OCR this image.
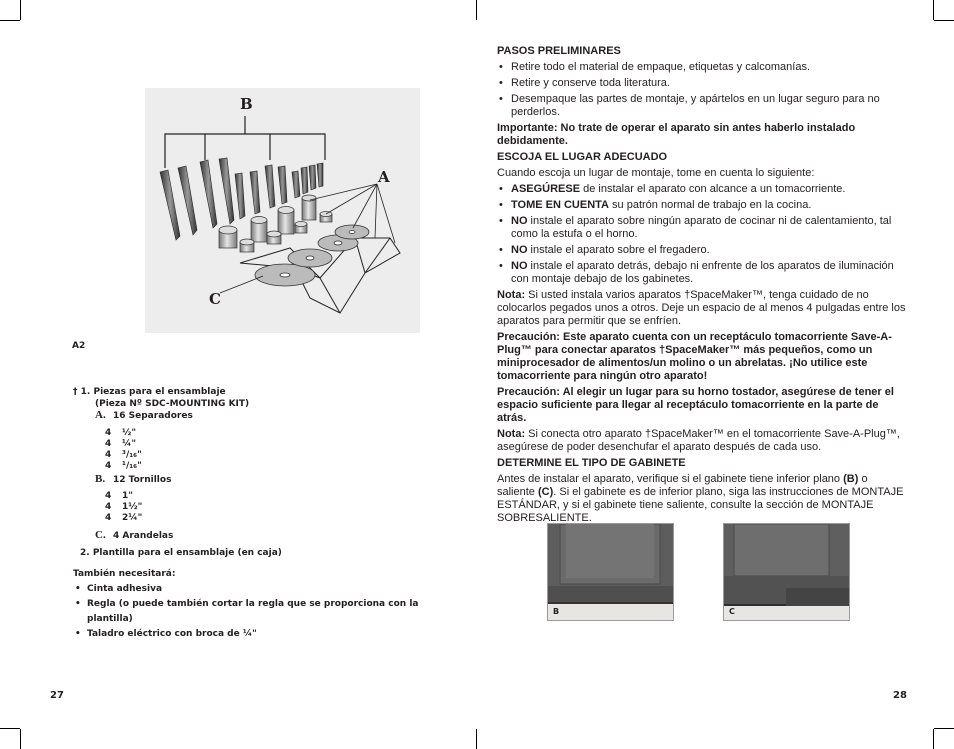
B
A
C
A2
† 1. Piezas para el ensamblaje
(Pieza Nº SDC-MOUNTING KIT)
A. 16 Separadores
4
4
4
4
½"
¼"
³/₁₆"
¹/₁₆"
B. 12 Tornillos
4
4
4
1"
1½"
2¼"
C. 4 Arandelas
2. Plantilla para el ensamblaje (en caja)
También necesitará:
• Cinta adhesiva
• Regla (o puede también cortar la regla que se proporciona con la plantilla)
• Taladro eléctrico con broca de ¼"
27
PASOS PRELIMINARES
• Retire todo el material de empaque, etiquetas y calcomanías.
• Retire y conserve toda literatura.
• Desempaque las partes de montaje, y apártelos en un lugar seguro para no perderlos.
Importante: No trate de operar el aparato sin antes haberlo instalado debidamente.
ESCOJA EL LUGAR ADECUADO
Cuando escoja un lugar de montaje, tome en cuenta lo siguiente:
• ASEGÚRESE de instalar el aparato con alcance a un tomacorriente.
• TOME EN CUENTA su patrón normal de trabajo en la cocina.
• NO instale el aparato sobre ningún aparato de cocinar ni de calentamiento, tal como la estufa o el horno.
• NO instale el aparato sobre el fregadero.
• NO instale el aparato detrás, debajo ni enfrente de los aparatos de iluminación con montaje debajo de los gabinetes.
Nota: Si usted instala varios aparatos †SpaceMaker™, tenga cuidado de no colocarlos pegados unos a otros. Deje un espacio de al menos 4 pulgadas entre los aparatos para permitir que se enfríen.
Precaución: Este aparato cuenta con un receptáculo tomacorriente Save-A-Plug™ para conectar aparatos †SpaceMaker™ más pequeños, como un miniprocesador de alimentos/un molino o un abrelatas. ¡No utilice este tomacorriente para ningún otro aparato!
Precaución: Al elegir un lugar para su horno tostador, asegúrese de tener el espacio suficiente para llegar al receptáculo tomacorriente en la parte de atrás.
Nota: Si conecta otro aparato †SpaceMaker™ en el tomacorriente Save-A-Plug™, asegúrese de poder desenchufar el aparato después de cada uso.
DETERMINE EL TIPO DE GABINETE
Antes de instalar el aparato, verifique si el gabinete tiene inferior plano (B) o saliente (C). Si el gabinete es de inferior plano, siga las instrucciones de MONTAJE ESTÁNDAR, y si el gabinete tiene saliente, consulte la sección de MONTAJE SOBRESALIENTE.
B	C
28
